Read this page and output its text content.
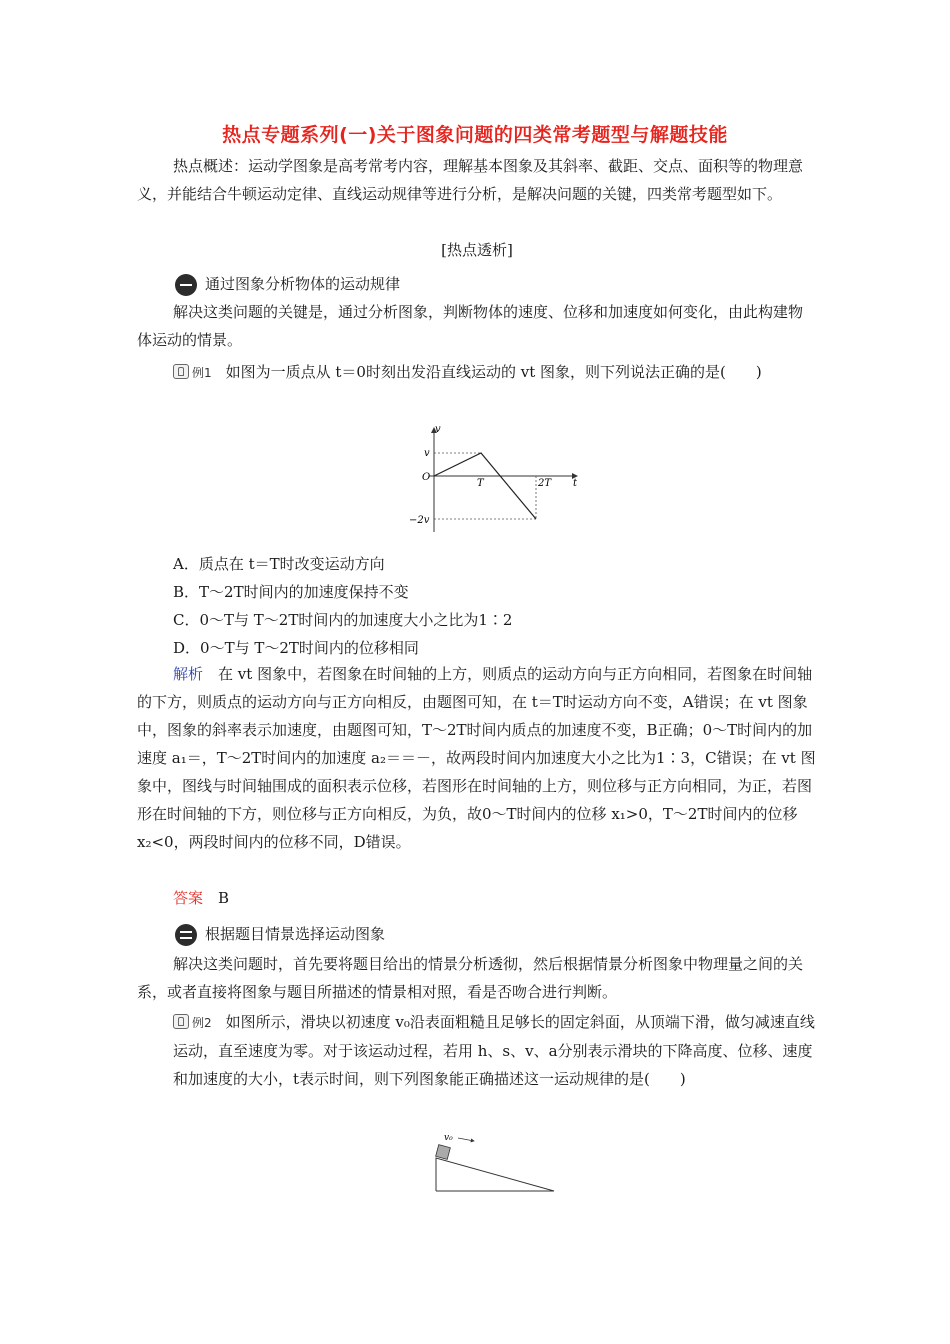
热点专题系列(一)关于图象问题的四类常考题型与解题技能
热点概述：运动学图象是高考常考内容，理解基本图象及其斜率、截距、交点、面积等的物理意义，并能结合牛顿运动定律、直线运动规律等进行分析，是解决问题的关键，四类常考题型如下。
[热点透析]
通过图象分析物体的运动规律
解决这类问题的关键是，通过分析图象，判断物体的速度、位移和加速度如何变化，由此构建物体运动的情景。
例1 如图为一质点从 t＝0时刻出发沿直线运动的 vt 图象，则下列说法正确的是(　　)
v
t
O
v
−2v
T	2T
A．质点在 t＝T时改变运动方向
B．T～2T时间内的加速度保持不变
C．0～T与 T～2T时间内的加速度大小之比为1∶2
D．0～T与 T～2T时间内的位移相同
解析　 在 vt 图象中，若图象在时间轴的上方，则质点的运动方向与正方向相同，若图象在时间轴的下方，则质点的运动方向与正方向相反，由题图可知，在 t＝T时运动方向不变，A错误；在 vt 图象中，图象的斜率表示加速度，由题图可知，T～2T时间内质点的加速度不变，B正确；0～T时间内的加速度 a₁＝，T～2T时间内的加速度 a₂＝＝－，故两段时间内加速度大小之比为1∶3，C错误；在 vt 图象中，图线与时间轴围成的面积表示位移，若图形在时间轴的上方，则位移与正方向相同，为正，若图形在时间轴的下方，则位移与正方向相反，为负，故0～T时间内的位移 x₁>0，T～2T时间内的位移 x₂<0，两段时间内的位移不同，D错误。
答案　 B
根据题目情景选择运动图象
解决这类问题时，首先要将题目给出的情景分析透彻，然后根据情景分析图象中物理量之间的关系，或者直接将图象与题目所描述的情景相对照，看是否吻合进行判断。
例2 如图所示，滑块以初速度 v₀沿表面粗糙且足够长的固定斜面，从顶端下滑，做匀减速直线运动，直至速度为零。对于该运动过程，若用 h、s、v、a分别表示滑块的下降高度、位移、速度和加速度的大小，t表示时间，则下列图象能正确描述这一运动规律的是(　　)
v₀
